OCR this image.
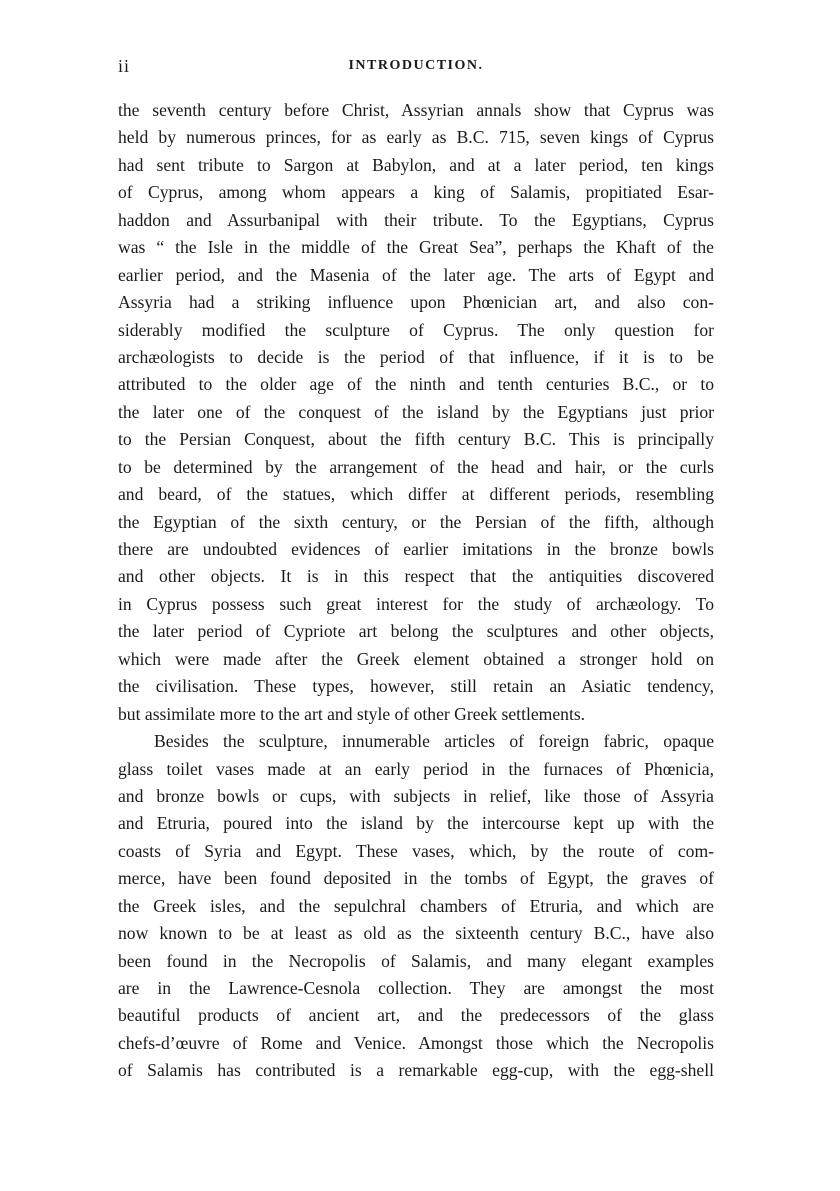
ii	INTRODUCTION.
the seventh century before Christ, Assyrian annals show that Cyprus was
held by numerous princes, for as early as B.C. 715, seven kings of Cyprus
had sent tribute to Sargon at Babylon, and at a later period, ten kings
of Cyprus, among whom appears a king of Salamis, propitiated Esar-
haddon and Assurbanipal with their tribute. To the Egyptians, Cyprus
was “ the Isle in the middle of the Great Sea”, perhaps the Khaft of the
earlier period, and the Masenia of the later age. The arts of Egypt and
Assyria had a striking influence upon Phœnician art, and also con-
siderably modified the sculpture of Cyprus. The only question for
archæologists to decide is the period of that influence, if it is to be
attributed to the older age of the ninth and tenth centuries B.C., or to
the later one of the conquest of the island by the Egyptians just prior
to the Persian Conquest, about the fifth century B.C. This is principally
to be determined by the arrangement of the head and hair, or the curls
and beard, of the statues, which differ at different periods, resembling
the Egyptian of the sixth century, or the Persian of the fifth, although
there are undoubted evidences of earlier imitations in the bronze bowls
and other objects. It is in this respect that the antiquities discovered
in Cyprus possess such great interest for the study of archæology. To
the later period of Cypriote art belong the sculptures and other objects,
which were made after the Greek element obtained a stronger hold on
the civilisation. These types, however, still retain an Asiatic tendency,
but assimilate more to the art and style of other Greek settlements.
Besides the sculpture, innumerable articles of foreign fabric, opaque
glass toilet vases made at an early period in the furnaces of Phœnicia,
and bronze bowls or cups, with subjects in relief, like those of Assyria
and Etruria, poured into the island by the intercourse kept up with the
coasts of Syria and Egypt. These vases, which, by the route of com-
merce, have been found deposited in the tombs of Egypt, the graves of
the Greek isles, and the sepulchral chambers of Etruria, and which are
now known to be at least as old as the sixteenth century B.C., have also
been found in the Necropolis of Salamis, and many elegant examples
are in the Lawrence-Cesnola collection. They are amongst the most
beautiful products of ancient art, and the predecessors of the glass
chefs-d’œuvre of Rome and Venice. Amongst those which the Necropolis
of Salamis has contributed is a remarkable egg-cup, with the egg-shell
